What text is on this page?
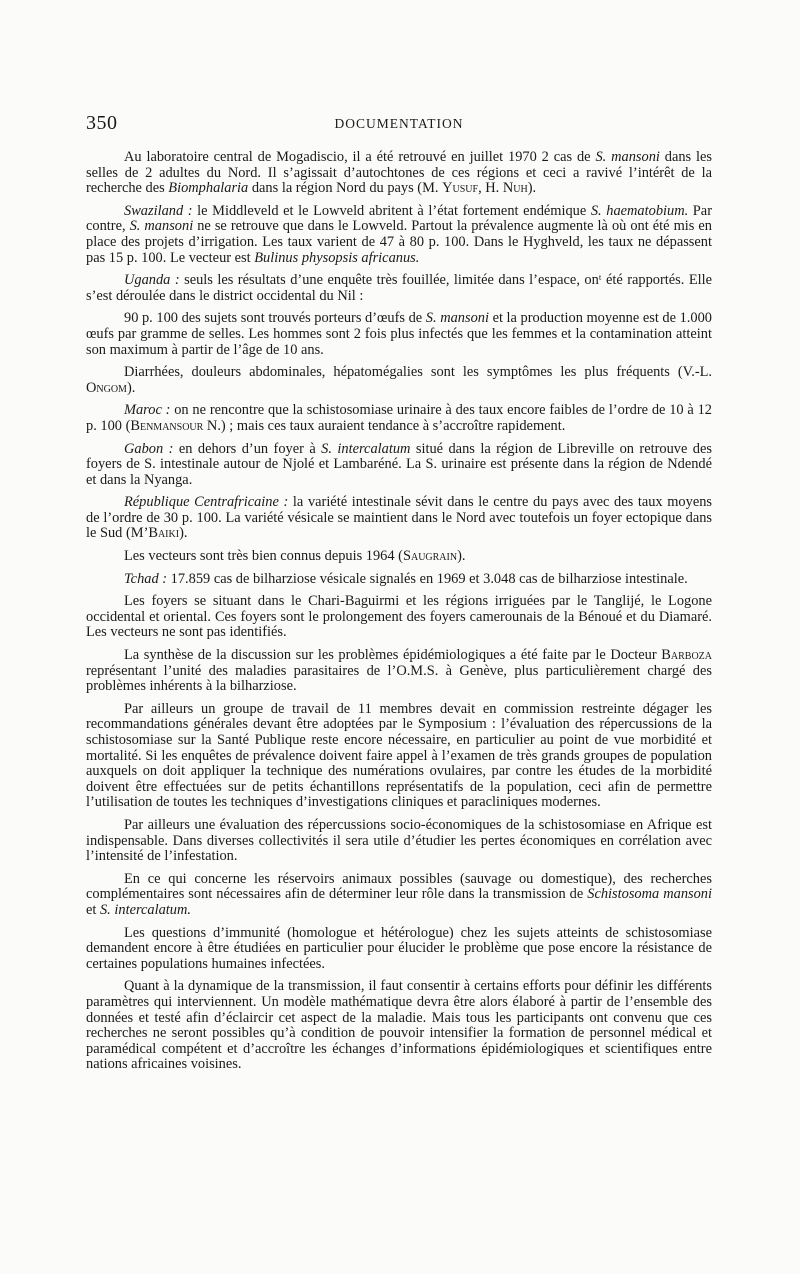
350	DOCUMENTATION

Au laboratoire central de Mogadiscio, il a été retrouvé en juillet 1970 2 cas de S. mansoni dans les selles de 2 adultes du Nord. Il s’agissait d’autochtones de ces régions et ceci a ravivé l’intérêt de la recherche des Biomphalaria dans la région Nord du pays (M. Yusuf, H. Nuh).

Swaziland : le Middleveld et le Lowveld abritent à l’état fortement endémique S. haematobium. Par contre, S. mansoni ne se retrouve que dans le Lowveld. Partout la prévalence augmente là où ont été mis en place des projets d’irrigation. Les taux varient de 47 à 80 p. 100. Dans le Hyghveld, les taux ne dépassent pas 15 p. 100. Le vecteur est Bulinus physopsis africanus.

Uganda : seuls les résultats d’une enquête très fouillée, limitée dans l’espace, onᵗ été rapportés. Elle s’est déroulée dans le district occidental du Nil :

90 p. 100 des sujets sont trouvés porteurs d’œufs de S. mansoni et la production moyenne est de 1.000 œufs par gramme de selles. Les hommes sont 2 fois plus infectés que les femmes et la contamination atteint son maximum à partir de l’âge de 10 ans.

Diarrhées, douleurs abdominales, hépatomégalies sont les symptômes les plus fréquents (V.-L. Ongom).

Maroc : on ne rencontre que la schistosomiase urinaire à des taux encore faibles de l’ordre de 10 à 12 p. 100 (Benmansour N.) ; mais ces taux auraient tendance à s’accroître rapidement.

Gabon : en dehors d’un foyer à S. intercalatum situé dans la région de Libreville on retrouve des foyers de S. intestinale autour de Njolé et Lambaréné. La S. urinaire est présente dans la région de Ndendé et dans la Nyanga.

République Centrafricaine : la variété intestinale sévit dans le centre du pays avec des taux moyens de l’ordre de 30 p. 100. La variété vésicale se maintient dans le Nord avec toutefois un foyer ectopique dans le Sud (M’Baiki).

Les vecteurs sont très bien connus depuis 1964 (Saugrain).

Tchad : 17.859 cas de bilharziose vésicale signalés en 1969 et 3.048 cas de bilharziose intestinale.

Les foyers se situant dans le Chari-Baguirmi et les régions irriguées par le Tanglijé, le Logone occidental et oriental. Ces foyers sont le prolongement des foyers camerounais de la Bénoué et du Diamaré. Les vecteurs ne sont pas identifiés.

La synthèse de la discussion sur les problèmes épidémiologiques a été faite par le Docteur Barboza représentant l’unité des maladies parasitaires de l’O.M.S. à Genève, plus particulièrement chargé des problèmes inhérents à la bilharziose.

Par ailleurs un groupe de travail de 11 membres devait en commission restreinte dégager les recommandations générales devant être adoptées par le Symposium : l’évaluation des répercussions de la schistosomiase sur la Santé Publique reste encore nécessaire, en particulier au point de vue morbidité et mortalité. Si les enquêtes de prévalence doivent faire appel à l’examen de très grands groupes de population auxquels on doit appliquer la technique des numérations ovulaires, par contre les études de la morbidité doivent être effectuées sur de petits échantillons représentatifs de la population, ceci afin de permettre l’utilisation de toutes les techniques d’investigations cliniques et paracliniques modernes.

Par ailleurs une évaluation des répercussions socio-économiques de la schistosomiase en Afrique est indispensable. Dans diverses collectivités il sera utile d’étudier les pertes économiques en corrélation avec l’intensité de l’infestation.

En ce qui concerne les réservoirs animaux possibles (sauvage ou domestique), des recherches complémentaires sont nécessaires afin de déterminer leur rôle dans la transmission de Schistosoma mansoni et S. intercalatum.

Les questions d’immunité (homologue et hétérologue) chez les sujets atteints de schistosomiase demandent encore à être étudiées en particulier pour élucider le problème que pose encore la résistance de certaines populations humaines infectées.

Quant à la dynamique de la transmission, il faut consentir à certains efforts pour définir les différents paramètres qui interviennent. Un modèle mathématique devra être alors élaboré à partir de l’ensemble des données et testé afin d’éclaircir cet aspect de la maladie. Mais tous les participants ont convenu que ces recherches ne seront possibles qu’à condition de pouvoir intensifier la formation de personnel médical et paramédical compétent et d’accroître les échanges d’informations épidémiologiques et scientifiques entre nations africaines voisines.
